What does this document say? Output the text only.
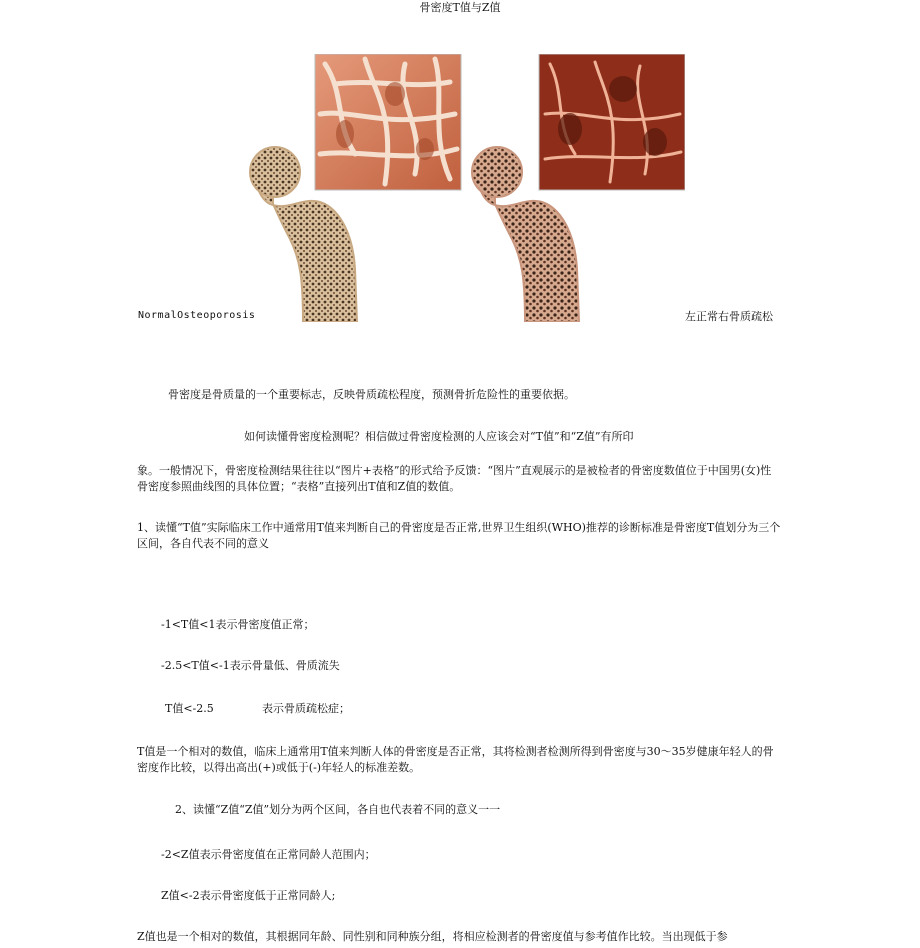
骨密度T值与Z值
NormalOsteoporosis	左正常右骨质疏松
骨密度是骨质量的一个重要标志，反映骨质疏松程度，预测骨折危险性的重要依据。
如何读懂骨密度检测呢？相信做过骨密度检测的人应该会对“T值”和“Z值”有所印
象。一般情况下，骨密度检测结果往往以“图片+表格”的形式给予反馈：“图片”直观展示的是被检者的骨密度数值位于中国男(女)性骨密度参照曲线图的具体位置；“表格”直接列出T值和Z值的数值。
1、读懂“T值”实际临床工作中通常用T值来判断自己的骨密度是否正常,世界卫生组织(WHO)推荐的诊断标准是骨密度T值划分为三个区间，各自代表不同的意义
-1<T值<1表示骨密度值正常；
-2.5<T值<-1表示骨量低、骨质流失
T值<-2.5	表示骨质疏松症；
T值是一个相对的数值，临床上通常用T值来判断人体的骨密度是否正常，其将检测者检测所得到骨密度与30～35岁健康年轻人的骨密度作比较，以得出高出(+)或低于(-)年轻人的标准差数。
2、读懂“Z值“Z值”划分为两个区间，各自也代表着不同的意义一一
-2<Z值表示骨密度值在正常同龄人范围内；
Z值<-2表示骨密度低于正常同龄人;
Z值也是一个相对的数值，其根据同年龄、同性别和同种族分组，将相应检测者的骨密度值与参考值作比较。当出现低于参
